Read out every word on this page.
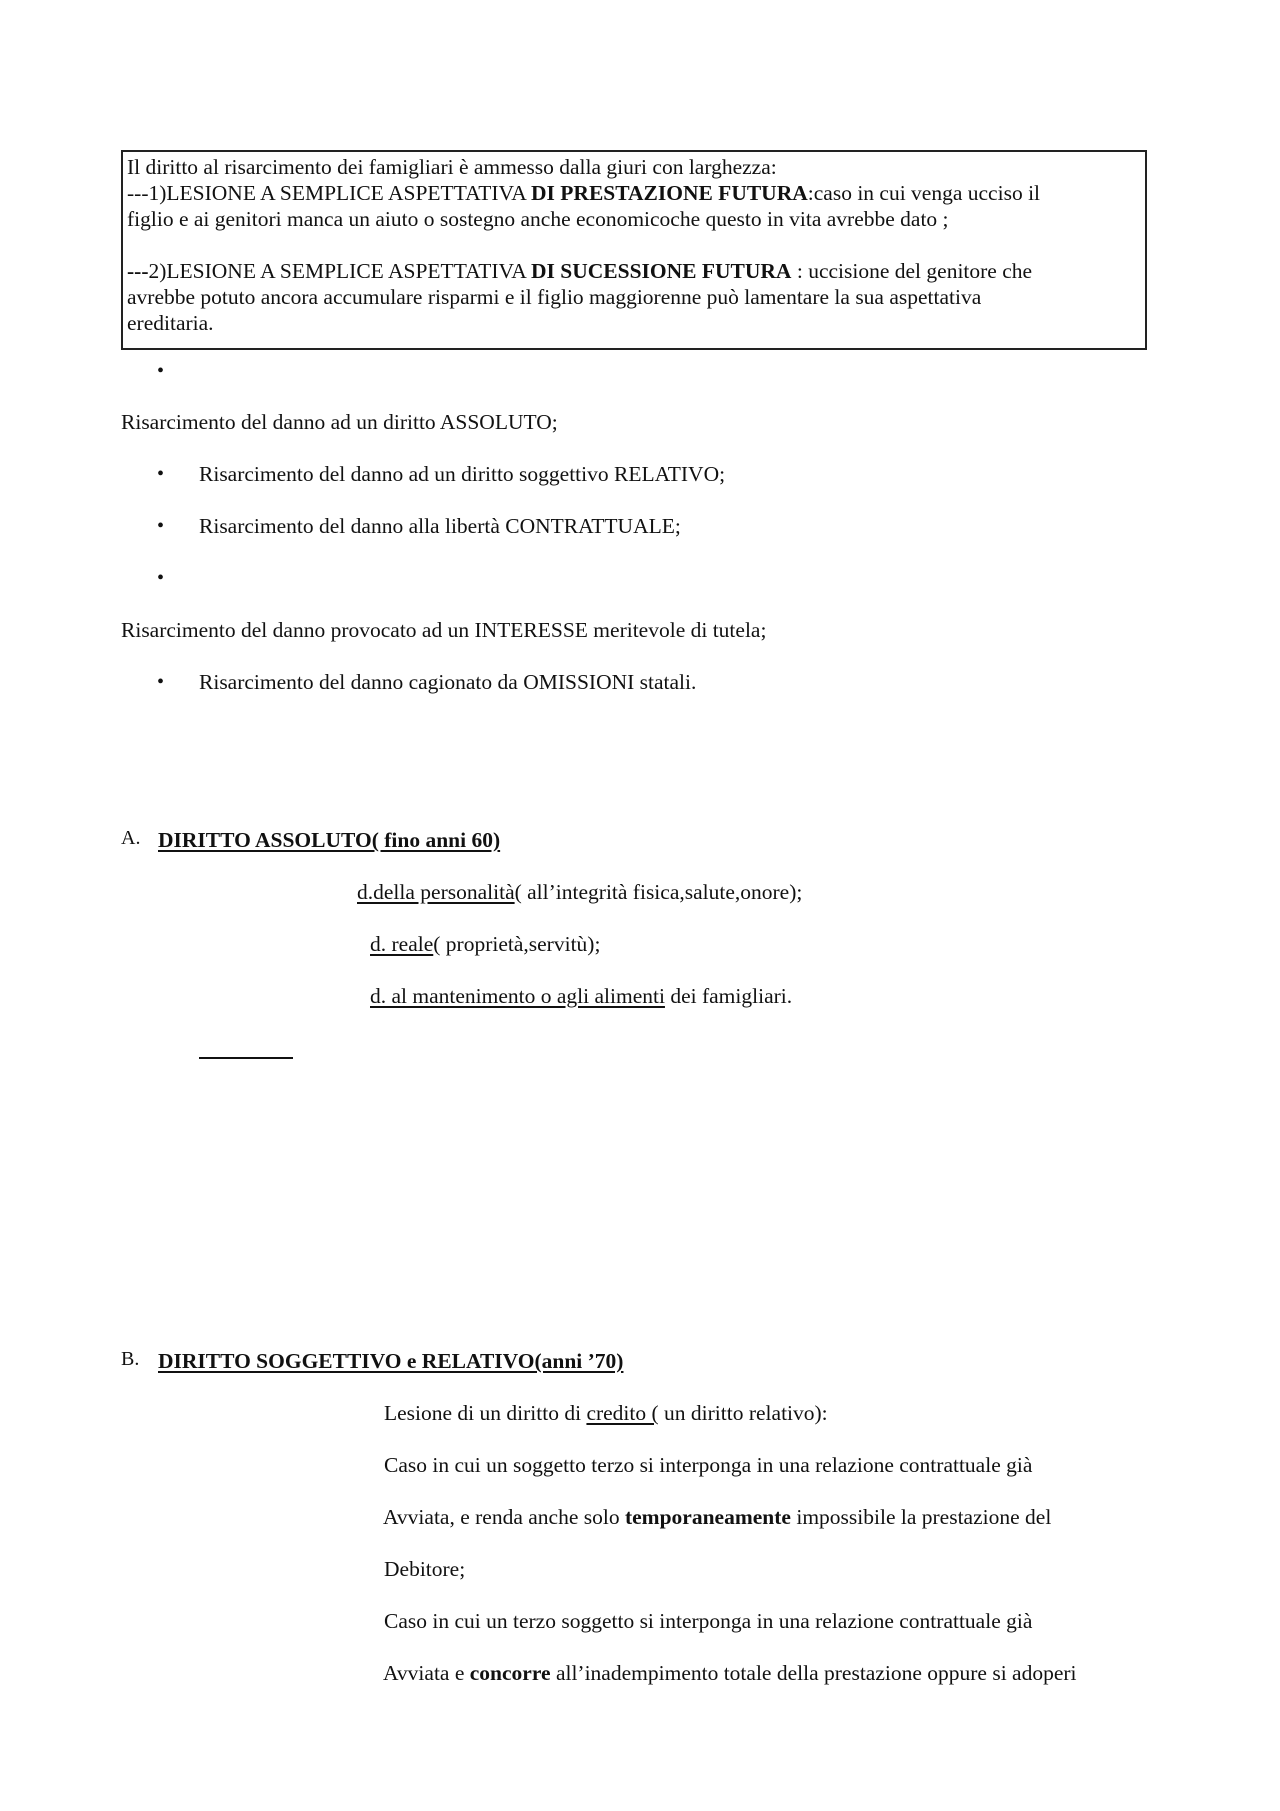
Il diritto al risarcimento dei famigliari è ammesso dalla giuri con larghezza:
---1)LESIONE A SEMPLICE ASPETTATIVA DI PRESTAZIONE FUTURA:caso in cui venga ucciso il
figlio e ai genitori manca un aiuto o sostegno anche economicoche questo in vita avrebbe dato ;
---2)LESIONE A SEMPLICE ASPETTATIVA DI SUCESSIONE FUTURA : uccisione del genitore che
avrebbe potuto ancora accumulare risparmi e il figlio maggiorenne può lamentare la sua aspettativa
ereditaria.
•
Risarcimento del danno ad un diritto ASSOLUTO;
• Risarcimento del danno ad un diritto soggettivo RELATIVO;
• Risarcimento del danno alla libertà CONTRATTUALE;
•
Risarcimento del danno provocato ad un INTERESSE meritevole di tutela;
• Risarcimento del danno cagionato da OMISSIONI statali.
A. DIRITTO ASSOLUTO( fino anni 60)
d.della personalità( all’integrità fisica,salute,onore);
d. reale( proprietà,servitù);
d. al mantenimento o agli alimenti dei famigliari.
B. DIRITTO SOGGETTIVO e RELATIVO(anni ’70)
Lesione di un diritto di credito ( un diritto relativo):
Caso in cui un soggetto terzo si interponga in una relazione contrattuale già
Avviata, e renda anche solo temporaneamente impossibile la prestazione del
Debitore;
Caso in cui un terzo soggetto si interponga in una relazione contrattuale già
Avviata e concorre all’inadempimento totale della prestazione oppure si adoperi
